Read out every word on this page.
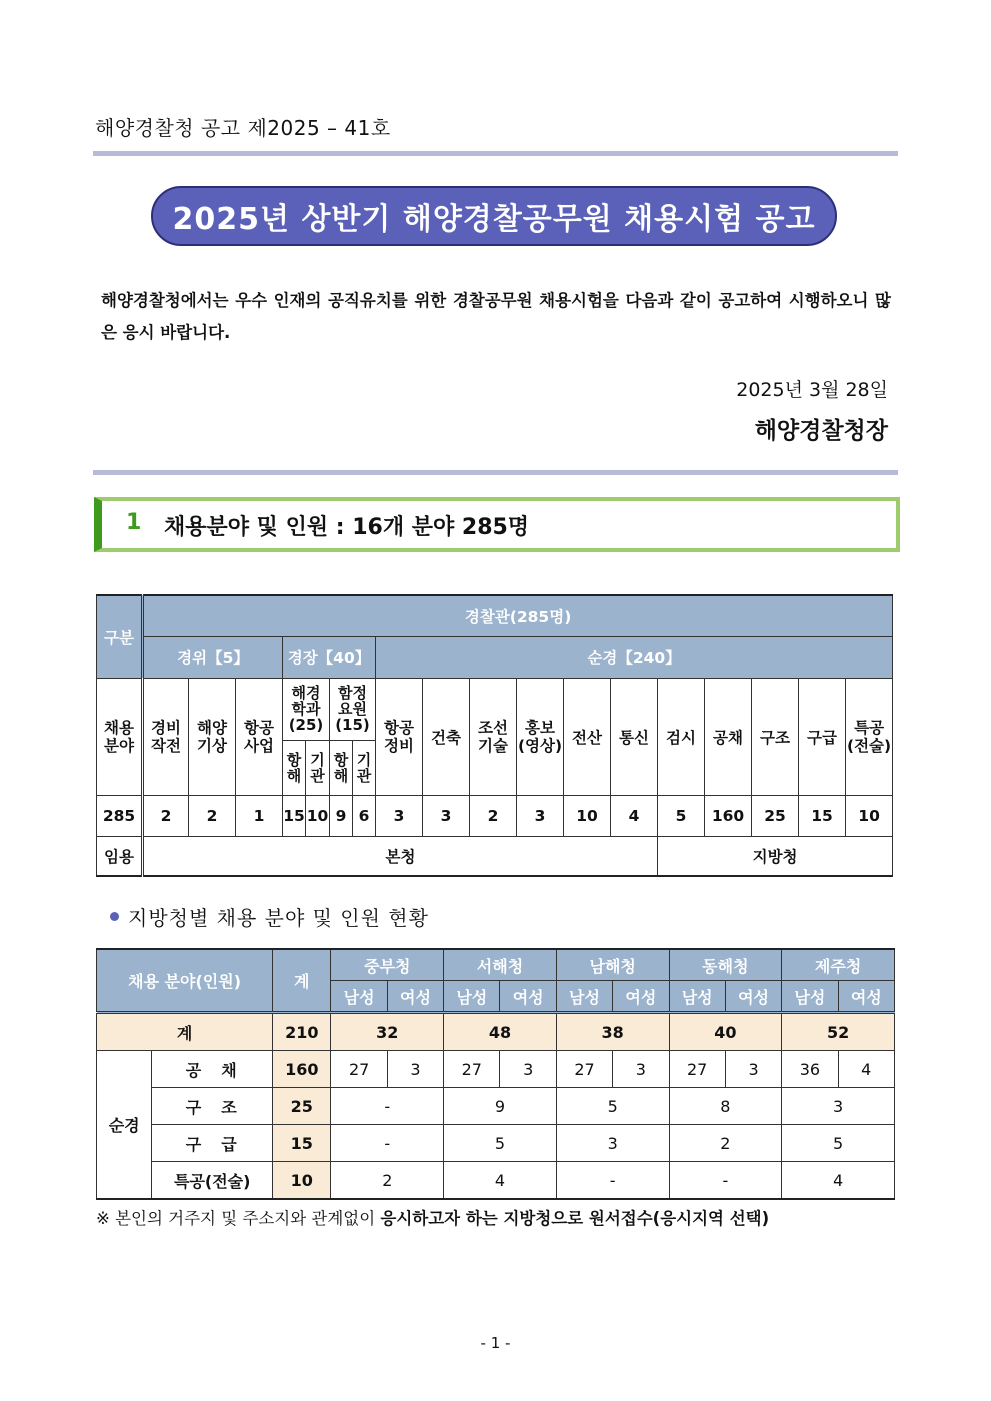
해양경찰청 공고 제2025 – 41호
2025년 상반기 해양경찰공무원 채용시험 공고
해양경찰청에서는 우수 인재의 공직유치를 위한 경찰공무원 채용시험을 다음과 같이 공고하여 시행하오니 많은 응시 바랍니다.
2025년 3월 28일
해양경찰청장
1 채용분야 및 인원 : 16개 분야 285명
구분	경찰관(285명)																	
	경위【5】			경장【40】				순경【240】										
채용 분야	경비 작전	해양 기상	항공 사업	해경 학과 (25)		함정 요원 (15)		항공 정비	건축	조선 기술	홍보 (영상)	전산	통신	검시	공채	구조	구급	특공 (전술)
				항해	기관	항해	기관											
285	2	2	1	15	10	9	6	3	3	2	3	10	4	5	160	25	15	10
임용	본청													지방청				
지방청별 채용 분야 및 인원 현황
채용 분야(인원)		계	중부청		서해청		남해청		동해청		제주청	
			남성	여성	남성	여성	남성	여성	남성	여성	남성	여성
계		210	32		48		38		40		52	
순경	공　채	160	27	3	27	3	27	3	27	3	36	4
	구　조	25	-		9		5		8		3	
	구　급	15	-		5		3		2		5	
	특공(전술)	10	2		4		-		-		4	
※ 본인의 거주지 및 주소지와 관계없이 응시하고자 하는 지방청으로 원서접수(응시지역 선택)
- 1 -
